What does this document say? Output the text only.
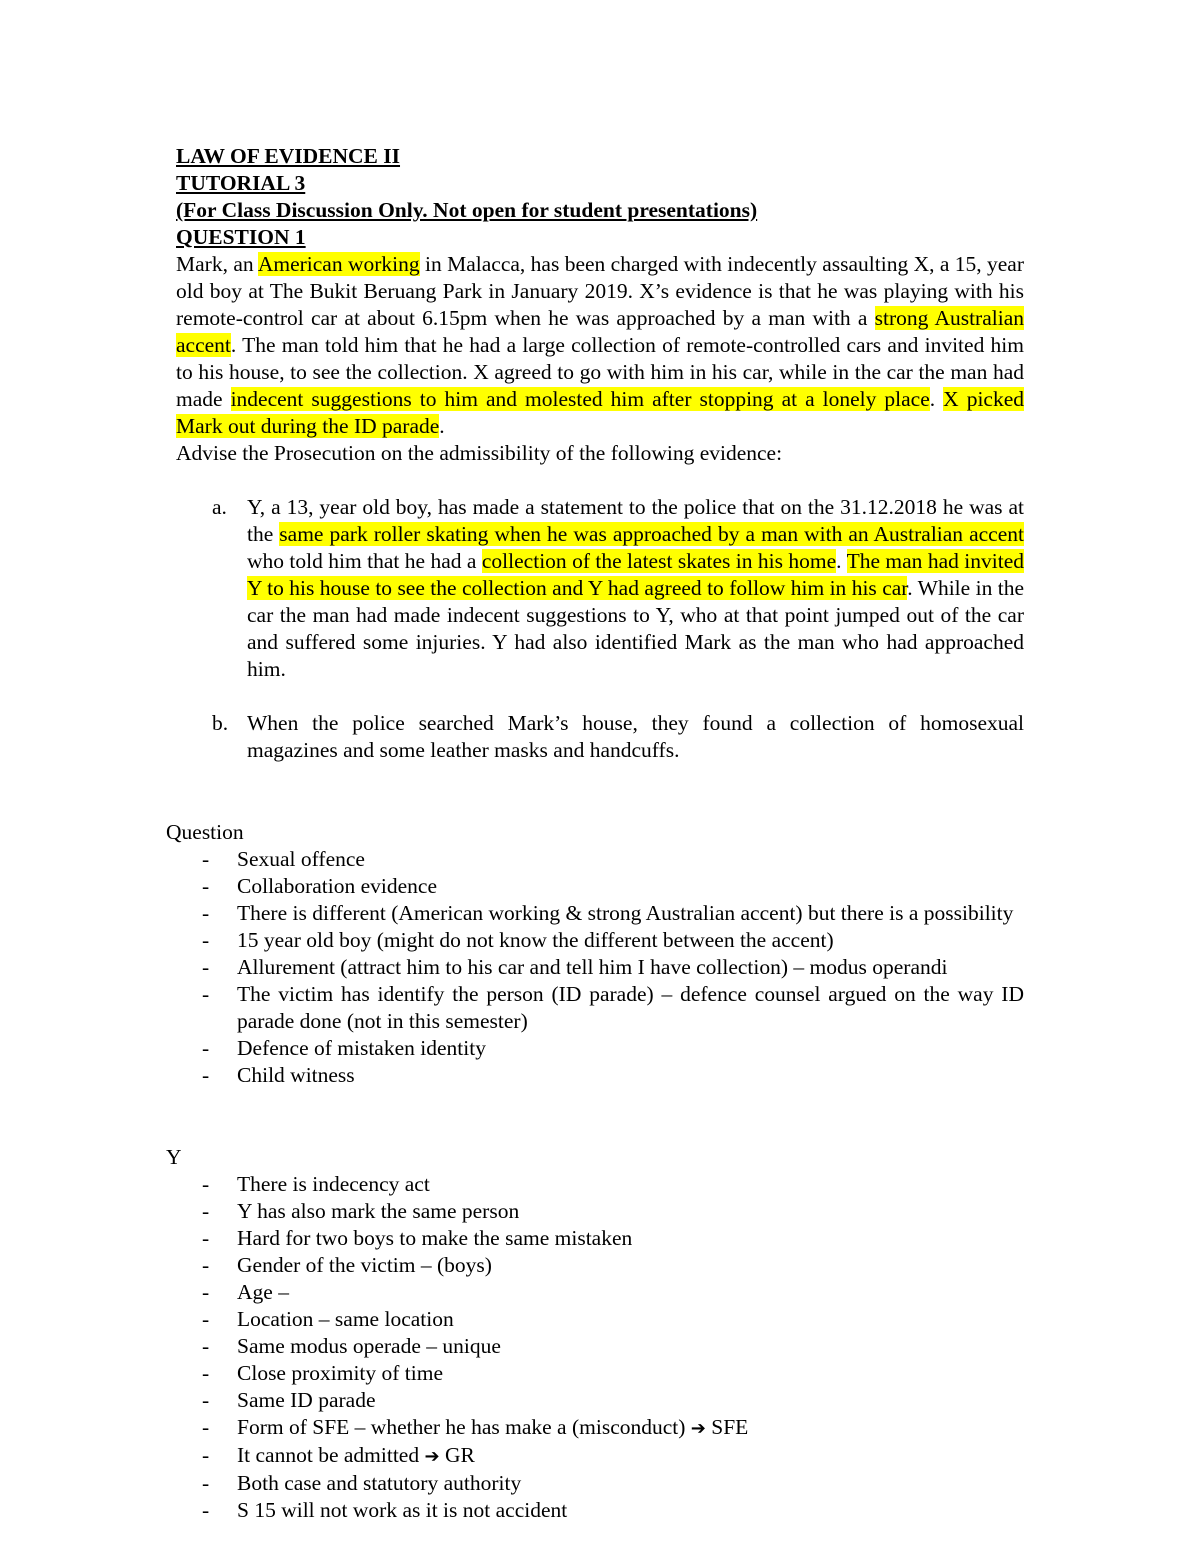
LAW OF EVIDENCE II

TUTORIAL 3

(For Class Discussion Only. Not open for student presentations)

QUESTION 1

Mark, an American working in Malacca, has been charged with indecently assaulting X, a 15, year old boy at The Bukit Beruang Park in January 2019. X’s evidence is that he was playing with his remote-control car at about 6.15pm when he was approached by a man with a strong Australian accent. The man told him that he had a large collection of remote-controlled cars and invited him to his house, to see the collection. X agreed to go with him in his car, while in the car the man had made indecent suggestions to him and molested him after stopping at a lonely place. X picked Mark out during the ID parade.

Advise the Prosecution on the admissibility of the following evidence:

a. Y, a 13, year old boy, has made a statement to the police that on the 31.12.2018 he was at the same park roller skating when he was approached by a man with an Australian accent who told him that he had a collection of the latest skates in his home. The man had invited Y to his house to see the collection and Y had agreed to follow him in his car. While in the car the man had made indecent suggestions to Y, who at that point jumped out of the car and suffered some injuries. Y had also identified Mark as the man who had approached him.
b. When the police searched Mark’s house, they found a collection of homosexual magazines and some leather masks and handcuffs.

Question

- Sexual offence
- Collaboration evidence
- There is different (American working & strong Australian accent) but there is a possibility
- 15 year old boy (might do not know the different between the accent)
- Allurement (attract him to his car and tell him I have collection) – modus operandi
- The victim has identify the person (ID parade) – defence counsel argued on the way ID parade done (not in this semester)
- Defence of mistaken identity
- Child witness

Y

- There is indecency act
- Y has also mark the same person
- Hard for two boys to make the same mistaken
- Gender of the victim – (boys)
- Age –
- Location – same location
- Same modus operade – unique
- Close proximity of time
- Same ID parade
- Form of SFE – whether he has make a (misconduct) ➔ SFE
- It cannot be admitted ➔ GR
- Both case and statutory authority
- S 15 will not work as it is not accident
